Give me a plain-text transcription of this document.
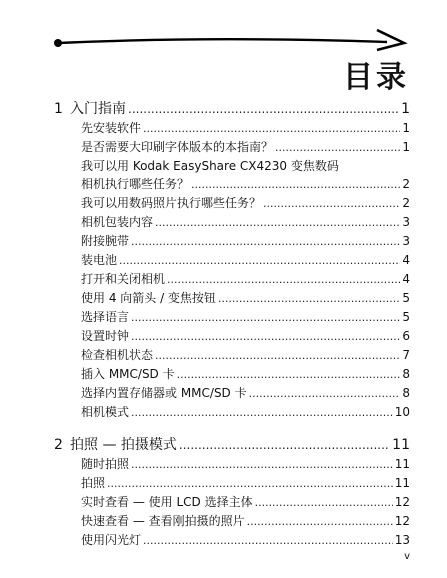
目录
1 入门指南 .....	1
先安装软件 .....	1
是否需要大印刷字体版本的本指南？ .....	1
我可以用 Kodak EasyShare CX4230 变焦数码
相机执行哪些任务？ .....	2
我可以用数码照片执行哪些任务？ .....	2
相机包装内容 .....	3
附接腕带 .....	3
装电池 .....	4
打开和关闭相机 .....	4
使用 4 向箭头 / 变焦按钮 .....	5
选择语言 .....	5
设置时钟 .....	6
检查相机状态 .....	7
插入 MMC/SD 卡 .....	8
选择内置存储器或 MMC/SD 卡 .....	8
相机模式 .....	10
2 拍照 — 拍摄模式 .....	11
随时拍照 .....	11
拍照 .....	11
实时查看 — 使用 LCD 选择主体 .....	12
快速查看 — 查看刚拍摄的照片 .....	12
使用闪光灯 .....	13
v
